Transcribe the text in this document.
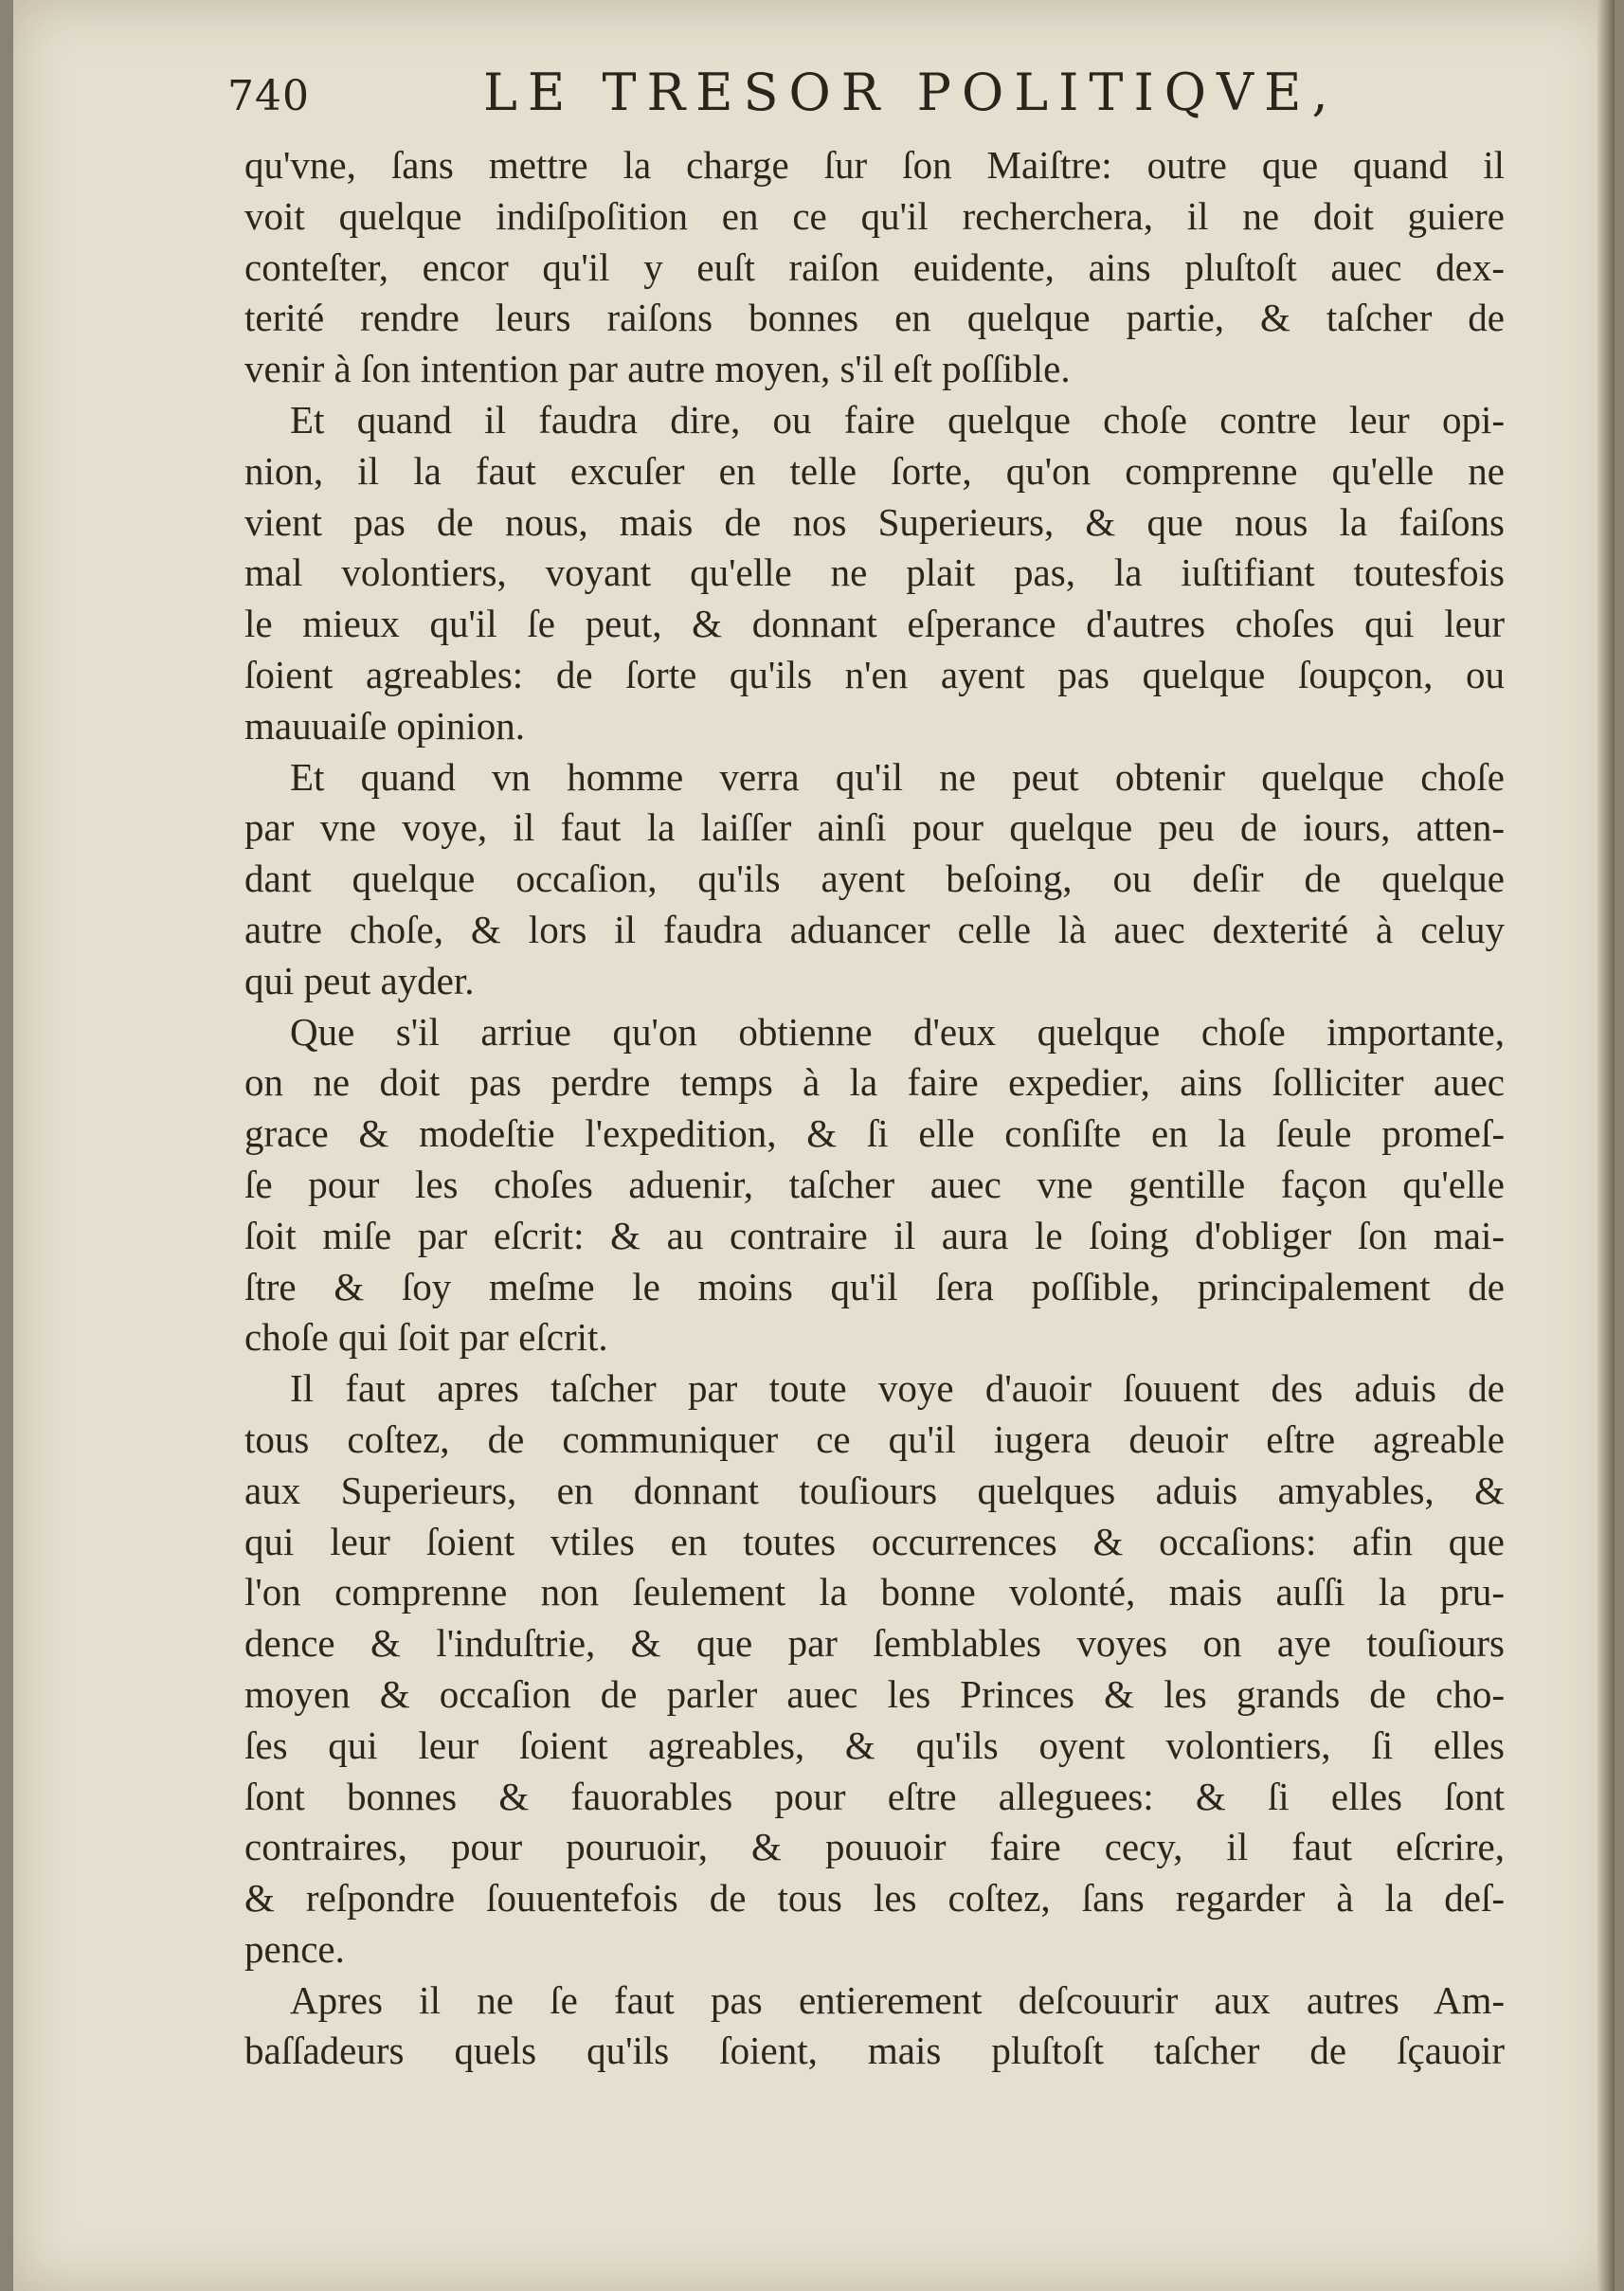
740	LE TRESOR POLITIQVE,
qu'vne, ſans mettre la charge ſur ſon Maiſtre: outre que quand il
voit quelque indiſpoſition en ce qu'il recherchera, il ne doit guiere
conteſter, encor qu'il y euſt raiſon euidente, ains pluſtoſt auec dex-
terité rendre leurs raiſons bonnes en quelque partie, & taſcher de
venir à ſon intention par autre moyen, s'il eſt poſſible.
Et quand il faudra dire, ou faire quelque choſe contre leur opi-
nion, il la faut excuſer en telle ſorte, qu'on comprenne qu'elle ne
vient pas de nous, mais de nos Superieurs, & que nous la faiſons
mal volontiers, voyant qu'elle ne plait pas, la iuſtifiant toutesfois
le mieux qu'il ſe peut, & donnant eſperance d'autres choſes qui leur
ſoient agreables: de ſorte qu'ils n'en ayent pas quelque ſoupçon, ou
mauuaiſe opinion.
Et quand vn homme verra qu'il ne peut obtenir quelque choſe
par vne voye, il faut la laiſſer ainſi pour quelque peu de iours, atten-
dant quelque occaſion, qu'ils ayent beſoing, ou deſir de quelque
autre choſe, & lors il faudra aduancer celle là auec dexterité à celuy
qui peut ayder.
Que s'il arriue qu'on obtienne d'eux quelque choſe importante,
on ne doit pas perdre temps à la faire expedier, ains ſolliciter auec
grace & modeſtie l'expedition, & ſi elle conſiſte en la ſeule promeſ-
ſe pour les choſes aduenir, taſcher auec vne gentille façon qu'elle
ſoit miſe par eſcrit: & au contraire il aura le ſoing d'obliger ſon mai-
ſtre & ſoy meſme le moins qu'il ſera poſſible, principalement de
choſe qui ſoit par eſcrit.
Il faut apres taſcher par toute voye d'auoir ſouuent des aduis de
tous coſtez, de communiquer ce qu'il iugera deuoir eſtre agreable
aux Superieurs, en donnant touſiours quelques aduis amyables, &
qui leur ſoient vtiles en toutes occurrences & occaſions: afin que
l'on comprenne non ſeulement la bonne volonté, mais auſſi la pru-
dence & l'induſtrie, & que par ſemblables voyes on aye touſiours
moyen & occaſion de parler auec les Princes & les grands de cho-
ſes qui leur ſoient agreables, & qu'ils oyent volontiers, ſi elles
ſont bonnes & fauorables pour eſtre alleguees: & ſi elles ſont
contraires, pour pouruoir, & pouuoir faire cecy, il faut eſcrire,
& reſpondre ſouuentefois de tous les coſtez, ſans regarder à la deſ-
pence.
Apres il ne ſe faut pas entierement deſcouurir aux autres Am-
baſſadeurs quels qu'ils ſoient, mais pluſtoſt taſcher de ſçauoir
